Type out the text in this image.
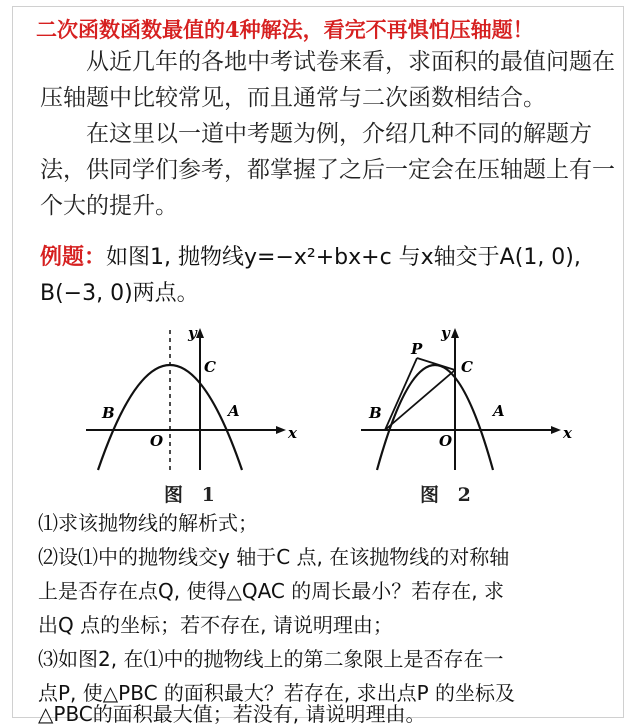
二次函数函数最值的4种解法，看完不再惧怕压轴题！
从近几年的各地中考试卷来看，求面积的最值问题在压轴题中比较常见，而且通常与二次函数相结合。
在这里以一道中考题为例，介绍几种不同的解题方法，供同学们参考，都掌握了之后一定会在压轴题上有一个大的提升。
例题：如图1, 抛物线y=−x²+bx+c 与x轴交于A(1, 0),
B(−3, 0)两点。
y
x
O
A
B
C
图 1
y
x
O
A
B
C
P
图 2
⑴求该抛物线的解析式；
⑵设⑴中的抛物线交y 轴于C 点, 在该抛物线的对称轴
上是否存在点Q, 使得△QAC 的周长最小？若存在, 求
出Q 点的坐标；若不存在, 请说明理由；
⑶如图2, 在⑴中的抛物线上的第二象限上是否存在一
点P, 使△PBC 的面积最大？若存在, 求出点P 的坐标及
△PBC的面积最大值；若没有, 请说明理由。
